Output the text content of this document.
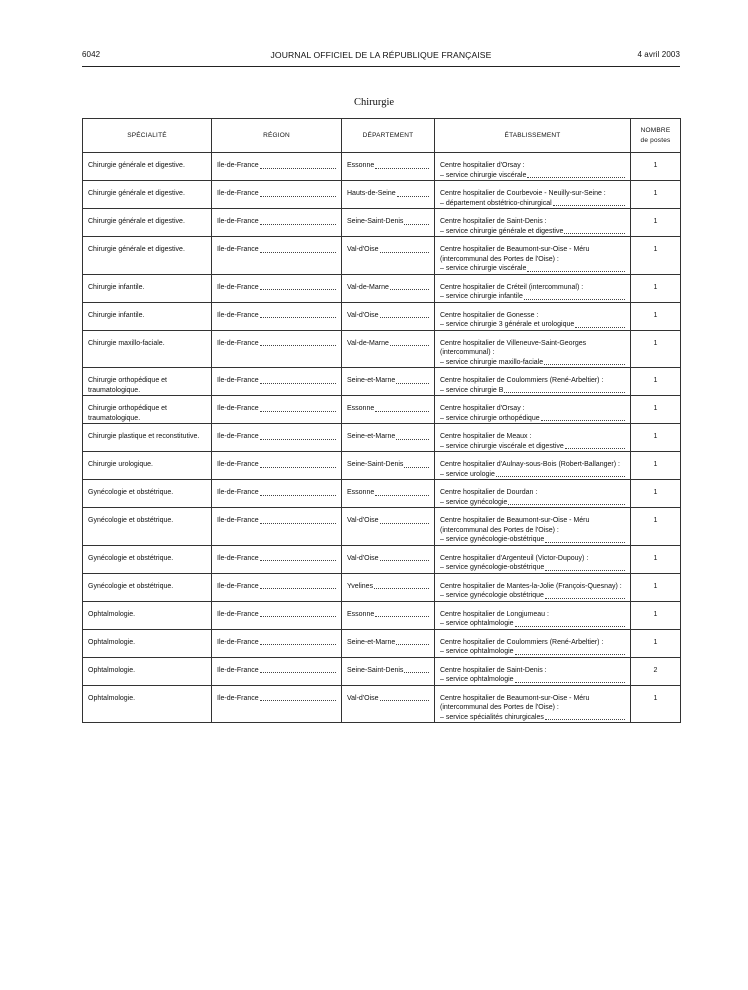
6042	JOURNAL OFFICIEL DE LA RÉPUBLIQUE FRANÇAISE	4 avril 2003
Chirurgie
SPÉCIALITÉ	RÉGION	DÉPARTEMENT	ÉTABLISSEMENT	NOMBRE
de postes
Chirurgie générale et digestive.	Ile-de-France	Essonne	Centre hospitalier d'Orsay :
– service chirurgie viscérale	1
Chirurgie générale et digestive.	Ile-de-France	Hauts-de-Seine	Centre hospitalier de Courbevoie - Neuilly-sur-Seine :
– département obstétrico-chirurgical	1
Chirurgie générale et digestive.	Ile-de-France	Seine-Saint-Denis	Centre hospitalier de Saint-Denis :
– service chirurgie générale et digestive	1
Chirurgie générale et digestive.	Ile-de-France	Val-d'Oise	Centre hospitalier de Beaumont-sur-Oise - Méru (intercommunal des Portes de l'Oise) :
– service chirurgie viscérale	1
Chirurgie infantile.	Ile-de-France	Val-de-Marne	Centre hospitalier de Créteil (intercommunal) :
– service chirurgie infantile	1
Chirurgie infantile.	Ile-de-France	Val-d'Oise	Centre hospitalier de Gonesse :
– service chirurgie 3 générale et urologique	1
Chirurgie maxillo-faciale.	Ile-de-France	Val-de-Marne	Centre hospitalier de Villeneuve-Saint-Georges (intercommunal) :
– service chirurgie maxillo-faciale	1
Chirurgie orthopédique et traumatologique.	Ile-de-France	Seine-et-Marne	Centre hospitalier de Coulommiers (René-Arbeltier) :
– service chirurgie B	1
Chirurgie orthopédique et traumatologique.	Ile-de-France	Essonne	Centre hospitalier d'Orsay :
– service chirurgie orthopédique	1
Chirurgie plastique et reconstitutive.	Ile-de-France	Seine-et-Marne	Centre hospitalier de Meaux :
– service chirurgie viscérale et digestive	1
Chirurgie urologique.	Ile-de-France	Seine-Saint-Denis	Centre hospitalier d'Aulnay-sous-Bois (Robert-Ballanger) :
– service urologie	1
Gynécologie et obstétrique.	Ile-de-France	Essonne	Centre hospitalier de Dourdan :
– service gynécologie	1
Gynécologie et obstétrique.	Ile-de-France	Val-d'Oise	Centre hospitalier de Beaumont-sur-Oise - Méru (intercommunal des Portes de l'Oise) :
– service gynécologie-obstétrique	1
Gynécologie et obstétrique.	Ile-de-France	Val-d'Oise	Centre hospitalier d'Argenteuil (Victor-Dupouy) :
– service gynécologie-obstétrique	1
Gynécologie et obstétrique.	Ile-de-France	Yvelines	Centre hospitalier de Mantes-la-Jolie (François-Quesnay) :
– service gynécologie obstétrique	1
Ophtalmologie.	Ile-de-France	Essonne	Centre hospitalier de Longjumeau :
– service ophtalmologie	1
Ophtalmologie.	Ile-de-France	Seine-et-Marne	Centre hospitalier de Coulommiers (René-Arbeltier) :
– service ophtalmologie	1
Ophtalmologie.	Ile-de-France	Seine-Saint-Denis	Centre hospitalier de Saint-Denis :
– service ophtalmologie	2
Ophtalmologie.	Ile-de-France	Val-d'Oise	Centre hospitalier de Beaumont-sur-Oise - Méru (intercommunal des Portes de l'Oise) :
– service spécialités chirurgicales	1
